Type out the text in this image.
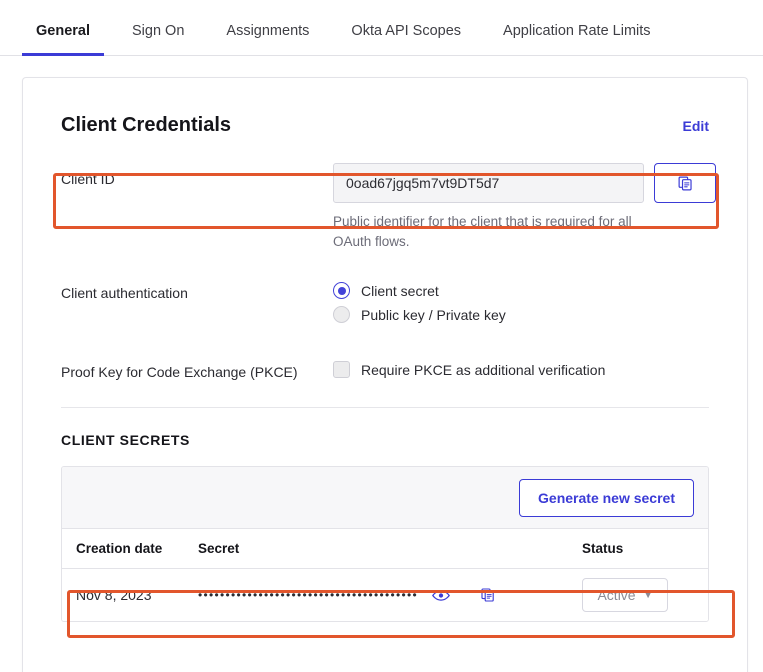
General	Sign On	Assignments	Okta API Scopes	Application Rate Limits
Client Credentials	Edit
Client ID	0oad67jgq5m7vt9DT5d7
Public identifier for the client that is required for all OAuth flows.
Client authentication	Client secret
Public key / Private key
Proof Key for Code Exchange (PKCE)	Require PKCE as additional verification
CLIENT SECRETS
Generate new secret
Creation date	Secret	Status
Nov 8, 2023	••••••••••••••••••••••••••••••••••••••••	Active ▼
